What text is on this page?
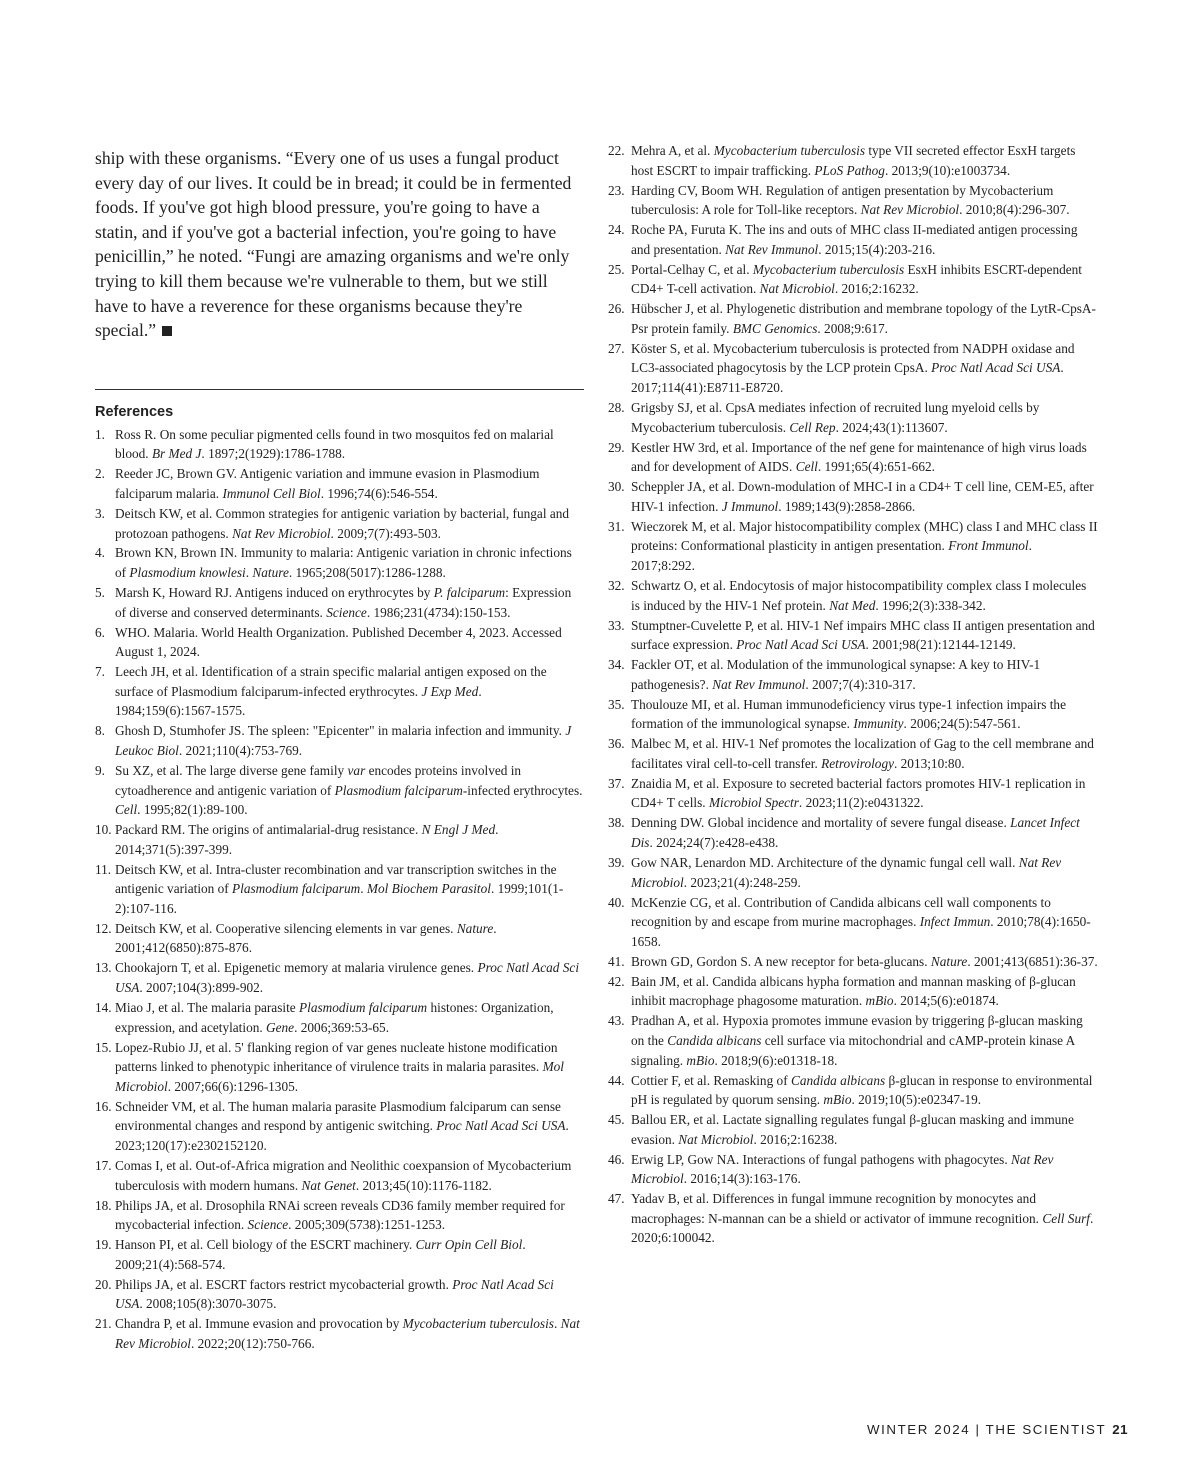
ship with these organisms. “Every one of us uses a fungal product every day of our lives. It could be in bread; it could be in fermented foods. If you've got high blood pressure, you're going to have a statin, and if you've got a bacterial infection, you're going to have penicillin,” he noted. “Fungi are amazing organisms and we're only trying to kill them because we're vulnerable to them, but we still have to have a reverence for these organisms because they're special.”

References
1. Ross R. On some peculiar pigmented cells found in two mosquitos fed on malarial blood. Br Med J. 1897;2(1929):1786-1788.
2. Reeder JC, Brown GV. Antigenic variation and immune evasion in Plasmodium falciparum malaria. Immunol Cell Biol. 1996;74(6):546-554.
3. Deitsch KW, et al. Common strategies for antigenic variation by bacterial, fungal and protozoan pathogens. Nat Rev Microbiol. 2009;7(7):493-503.
4. Brown KN, Brown IN. Immunity to malaria: Antigenic variation in chronic infections of Plasmodium knowlesi. Nature. 1965;208(5017):1286-1288.
5. Marsh K, Howard RJ. Antigens induced on erythrocytes by P. falciparum: Expression of diverse and conserved determinants. Science. 1986;231(4734):150-153.
6. WHO. Malaria. World Health Organization. Published December 4, 2023. Accessed August 1, 2024.
7. Leech JH, et al. Identification of a strain specific malarial antigen exposed on the surface of Plasmodium falciparum-infected erythrocytes. J Exp Med. 1984;159(6):1567-1575.
8. Ghosh D, Stumhofer JS. The spleen: "Epicenter" in malaria infection and immunity. J Leukoc Biol. 2021;110(4):753-769.
9. Su XZ, et al. The large diverse gene family var encodes proteins involved in cytoadherence and antigenic variation of Plasmodium falciparum-infected erythrocytes. Cell. 1995;82(1):89-100.
10. Packard RM. The origins of antimalarial-drug resistance. N Engl J Med. 2014;371(5):397-399.
11. Deitsch KW, et al. Intra-cluster recombination and var transcription switches in the antigenic variation of Plasmodium falciparum. Mol Biochem Parasitol. 1999;101(1-2):107-116.
12. Deitsch KW, et al. Cooperative silencing elements in var genes. Nature. 2001;412(6850):875-876.
13. Chookajorn T, et al. Epigenetic memory at malaria virulence genes. Proc Natl Acad Sci USA. 2007;104(3):899-902.
14. Miao J, et al. The malaria parasite Plasmodium falciparum histones: Organization, expression, and acetylation. Gene. 2006;369:53-65.
15. Lopez-Rubio JJ, et al. 5' flanking region of var genes nucleate histone modification patterns linked to phenotypic inheritance of virulence traits in malaria parasites. Mol Microbiol. 2007;66(6):1296-1305.
16. Schneider VM, et al. The human malaria parasite Plasmodium falciparum can sense environmental changes and respond by antigenic switching. Proc Natl Acad Sci USA. 2023;120(17):e2302152120.
17. Comas I, et al. Out-of-Africa migration and Neolithic coexpansion of Mycobacterium tuberculosis with modern humans. Nat Genet. 2013;45(10):1176-1182.
18. Philips JA, et al. Drosophila RNAi screen reveals CD36 family member required for mycobacterial infection. Science. 2005;309(5738):1251-1253.
19. Hanson PI, et al. Cell biology of the ESCRT machinery. Curr Opin Cell Biol. 2009;21(4):568-574.
20. Philips JA, et al. ESCRT factors restrict mycobacterial growth. Proc Natl Acad Sci USA. 2008;105(8):3070-3075.
21. Chandra P, et al. Immune evasion and provocation by Mycobacterium tuberculosis. Nat Rev Microbiol. 2022;20(12):750-766.
22. Mehra A, et al. Mycobacterium tuberculosis type VII secreted effector EsxH targets host ESCRT to impair trafficking. PLoS Pathog. 2013;9(10):e1003734.
23. Harding CV, Boom WH. Regulation of antigen presentation by Mycobacterium tuberculosis: A role for Toll-like receptors. Nat Rev Microbiol. 2010;8(4):296-307.
24. Roche PA, Furuta K. The ins and outs of MHC class II-mediated antigen processing and presentation. Nat Rev Immunol. 2015;15(4):203-216.
25. Portal-Celhay C, et al. Mycobacterium tuberculosis EsxH inhibits ESCRT-dependent CD4+ T-cell activation. Nat Microbiol. 2016;2:16232.
26. Hübscher J, et al. Phylogenetic distribution and membrane topology of the LytR-CpsA-Psr protein family. BMC Genomics. 2008;9:617.
27. Köster S, et al. Mycobacterium tuberculosis is protected from NADPH oxidase and LC3-associated phagocytosis by the LCP protein CpsA. Proc Natl Acad Sci USA. 2017;114(41):E8711-E8720.
28. Grigsby SJ, et al. CpsA mediates infection of recruited lung myeloid cells by Mycobacterium tuberculosis. Cell Rep. 2024;43(1):113607.
29. Kestler HW 3rd, et al. Importance of the nef gene for maintenance of high virus loads and for development of AIDS. Cell. 1991;65(4):651-662.
30. Scheppler JA, et al. Down-modulation of MHC-I in a CD4+ T cell line, CEM-E5, after HIV-1 infection. J Immunol. 1989;143(9):2858-2866.
31. Wieczorek M, et al. Major histocompatibility complex (MHC) class I and MHC class II proteins: Conformational plasticity in antigen presentation. Front Immunol. 2017;8:292.
32. Schwartz O, et al. Endocytosis of major histocompatibility complex class I molecules is induced by the HIV-1 Nef protein. Nat Med. 1996;2(3):338-342.
33. Stumptner-Cuvelette P, et al. HIV-1 Nef impairs MHC class II antigen presentation and surface expression. Proc Natl Acad Sci USA. 2001;98(21):12144-12149.
34. Fackler OT, et al. Modulation of the immunological synapse: A key to HIV-1 pathogenesis?. Nat Rev Immunol. 2007;7(4):310-317.
35. Thoulouze MI, et al. Human immunodeficiency virus type-1 infection impairs the formation of the immunological synapse. Immunity. 2006;24(5):547-561.
36. Malbec M, et al. HIV-1 Nef promotes the localization of Gag to the cell membrane and facilitates viral cell-to-cell transfer. Retrovirology. 2013;10:80.
37. Znaidia M, et al. Exposure to secreted bacterial factors promotes HIV-1 replication in CD4+ T cells. Microbiol Spectr. 2023;11(2):e0431322.
38. Denning DW. Global incidence and mortality of severe fungal disease. Lancet Infect Dis. 2024;24(7):e428-e438.
39. Gow NAR, Lenardon MD. Architecture of the dynamic fungal cell wall. Nat Rev Microbiol. 2023;21(4):248-259.
40. McKenzie CG, et al. Contribution of Candida albicans cell wall components to recognition by and escape from murine macrophages. Infect Immun. 2010;78(4):1650-1658.
41. Brown GD, Gordon S. A new receptor for beta-glucans. Nature. 2001;413(6851):36-37.
42. Bain JM, et al. Candida albicans hypha formation and mannan masking of β-glucan inhibit macrophage phagosome maturation. mBio. 2014;5(6):e01874.
43. Pradhan A, et al. Hypoxia promotes immune evasion by triggering β-glucan masking on the Candida albicans cell surface via mitochondrial and cAMP-protein kinase A signaling. mBio. 2018;9(6):e01318-18.
44. Cottier F, et al. Remasking of Candida albicans β-glucan in response to environmental pH is regulated by quorum sensing. mBio. 2019;10(5):e02347-19.
45. Ballou ER, et al. Lactate signalling regulates fungal β-glucan masking and immune evasion. Nat Microbiol. 2016;2:16238.
46. Erwig LP, Gow NA. Interactions of fungal pathogens with phagocytes. Nat Rev Microbiol. 2016;14(3):163-176.
47. Yadav B, et al. Differences in fungal immune recognition by monocytes and macrophages: N-mannan can be a shield or activator of immune recognition. Cell Surf. 2020;6:100042.
WINTER 2024 | THE SCIENTIST 21
